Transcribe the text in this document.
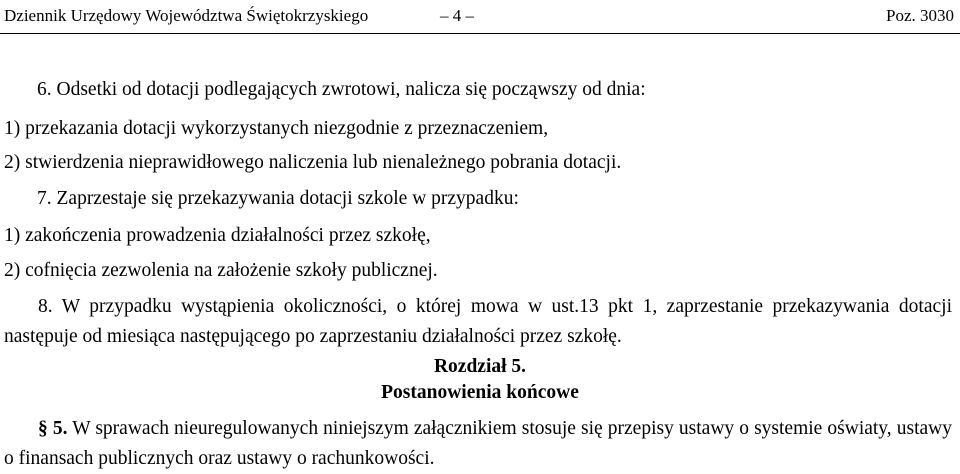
Dziennik Urzędowy Województwa Świętokrzyskiego	– 4 –	Poz. 3030
6. Odsetki od dotacji podlegających zwrotowi, nalicza się począwszy od dnia:
1) przekazania dotacji wykorzystanych niezgodnie z przeznaczeniem,
2) stwierdzenia nieprawidłowego naliczenia lub nienależnego pobrania dotacji.
7. Zaprzestaje się przekazywania dotacji szkole w przypadku:
1) zakończenia prowadzenia działalności przez szkołę,
2) cofnięcia zezwolenia na założenie szkoły publicznej.
8. W przypadku wystąpienia okoliczności, o której mowa w ust.13 pkt 1, zaprzestanie przekazywania dotacji następuje od miesiąca następującego po zaprzestaniu działalności przez szkołę.
Rozdział 5.
Postanowienia końcowe
§ 5. W sprawach nieuregulowanych niniejszym załącznikiem stosuje się przepisy ustawy o systemie oświaty, ustawy o finansach publicznych oraz ustawy o rachunkowości.
